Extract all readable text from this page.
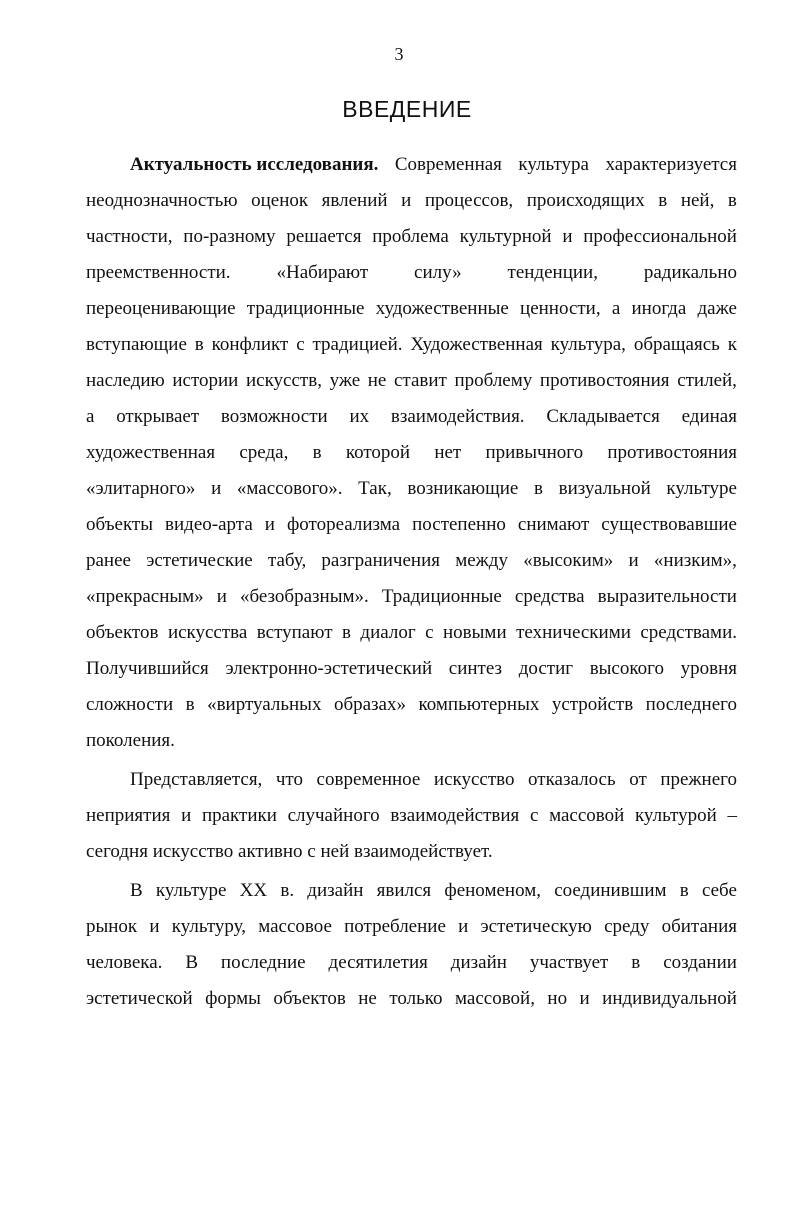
3
ВВЕДЕНИЕ
Актуальность исследования. Современная культура характеризуется
неоднозначностью оценок явлений и процессов, происходящих в ней, в
частности, по-разному решается проблема культурной и профессиональной
преемственности. «Набирают силу» тенденции, радикально
переоценивающие традиционные художественные ценности, а иногда даже
вступающие в конфликт с традицией. Художественная культура, обращаясь к
наследию истории искусств, уже не ставит проблему противостояния стилей,
а открывает возможности их взаимодействия. Складывается единая
художественная среда, в которой нет привычного противостояния
«элитарного» и «массового». Так, возникающие в визуальной культуре
объекты видео-арта и фотореализма постепенно снимают существовавшие
ранее эстетические табу, разграничения между «высоким» и «низким»,
«прекрасным» и «безобразным». Традиционные средства выразительности
объектов искусства вступают в диалог с новыми техническими средствами.
Получившийся электронно-эстетический синтез достиг высокого уровня
сложности в «виртуальных образах» компьютерных устройств последнего
поколения.
Представляется, что современное искусство отказалось от прежнего
неприятия и практики случайного взаимодействия с массовой культурой –
сегодня искусство активно с ней взаимодействует.
В культуре XX в. дизайн явился феноменом, соединившим в себе
рынок и культуру, массовое потребление и эстетическую среду обитания
человека. В последние десятилетия дизайн участвует в создании
эстетической формы объектов не только массовой, но и индивидуальной
